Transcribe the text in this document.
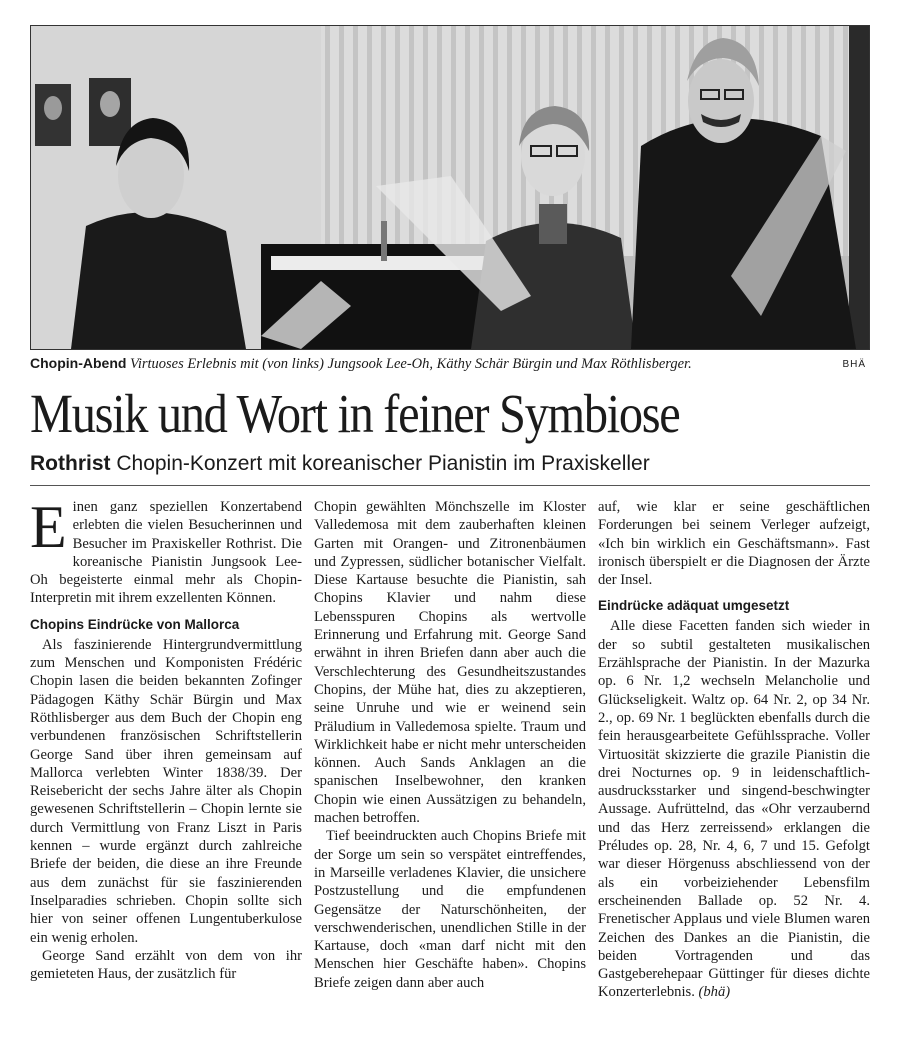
Chopin-Abend Virtuoses Erlebnis mit (von links) Jungsook Lee-Oh, Käthy Schär Bürgin und Max Röthlisberger.	BHÄ
Musik und Wort in feiner Symbiose
Rothrist Chopin-Konzert mit koreanischer Pianistin im Praxiskeller

Einen ganz speziellen Konzertabend erlebten die vielen Besucherinnen und Besucher im Praxiskeller Rothrist. Die koreanische Pianistin Jungsook Lee-Oh begeisterte einmal mehr als Chopin-Interpretin mit ihrem exzellenten Können.

Chopins Eindrücke von Mallorca

Als faszinierende Hintergrundvermittlung zum Menschen und Komponisten Frédéric Chopin lasen die beiden bekannten Zofinger Pädagogen Käthy Schär Bürgin und Max Röthlisberger aus dem Buch der Chopin eng verbundenen französischen Schriftstellerin George Sand über ihren gemeinsam auf Mallorca verlebten Winter 1838/39. Der Reisebericht der sechs Jahre älter als Chopin gewesenen Schriftstellerin – Chopin lernte sie durch Vermittlung von Franz Liszt in Paris kennen – wurde ergänzt durch zahlreiche Briefe der beiden, die diese an ihre Freunde aus dem zunächst für sie faszinierenden Inselparadies schrieben. Chopin sollte sich hier von seiner offenen Lungentuberkulose ein wenig erholen.

George Sand erzählt von dem von ihr gemieteten Haus, der zusätzlich für

Chopin gewählten Mönchszelle im Kloster Valledemosa mit dem zauberhaften kleinen Garten mit Orangen- und Zitronenbäumen und Zypressen, südlicher botanischer Vielfalt. Diese Kartause besuchte die Pianistin, sah Chopins Klavier und nahm diese Lebensspuren Chopins als wertvolle Erinnerung und Erfahrung mit. George Sand erwähnt in ihren Briefen dann aber auch die Verschlechterung des Gesundheitszustandes Chopins, der Mühe hat, dies zu akzeptieren, seine Unruhe und wie er weinend sein Präludium in Valledemosa spielte. Traum und Wirklichkeit habe er nicht mehr unterscheiden können. Auch Sands Anklagen an die spanischen Inselbewohner, den kranken Chopin wie einen Aussätzigen zu behandeln, machen betroffen.

Tief beeindruckten auch Chopins Briefe mit der Sorge um sein so verspätet eintreffendes, in Marseille verladenes Klavier, die unsichere Postzustellung und die empfundenen Gegensätze der Naturschönheiten, der verschwenderischen, unendlichen Stille in der Kartause, doch «man darf nicht mit den Menschen hier Geschäfte haben». Chopins Briefe zeigen dann aber auch

auf, wie klar er seine geschäftlichen Forderungen bei seinem Verleger aufzeigt, «Ich bin wirklich ein Geschäftsmann». Fast ironisch überspielt er die Diagnosen der Ärzte der Insel.

Eindrücke adäquat umgesetzt

Alle diese Facetten fanden sich wieder in der so subtil gestalteten musikalischen Erzählsprache der Pianistin. In der Mazurka op. 6 Nr. 1,2 wechseln Melancholie und Glückseligkeit. Waltz op. 64 Nr. 2, op 34 Nr. 2., op. 69 Nr. 1 beglückten ebenfalls durch die fein herausgearbeitete Gefühlssprache. Voller Virtuosität skizzierte die grazile Pianistin die drei Nocturnes op. 9 in leidenschaftlich-ausdrucksstarker und singend-beschwingter Aussage. Aufrüttelnd, das «Ohr verzaubernd und das Herz zerreissend» erklangen die Préludes op. 28, Nr. 4, 6, 7 und 15. Gefolgt war dieser Hörgenuss abschliessend von der als ein vorbeiziehender Lebensfilm erscheinenden Ballade op. 52 Nr. 4. Frenetischer Applaus und viele Blumen waren Zeichen des Dankes an die Pianistin, die beiden Vortragenden und das Gastgeberehepaar Güttinger für dieses dichte Konzerterlebnis. (bhä)
